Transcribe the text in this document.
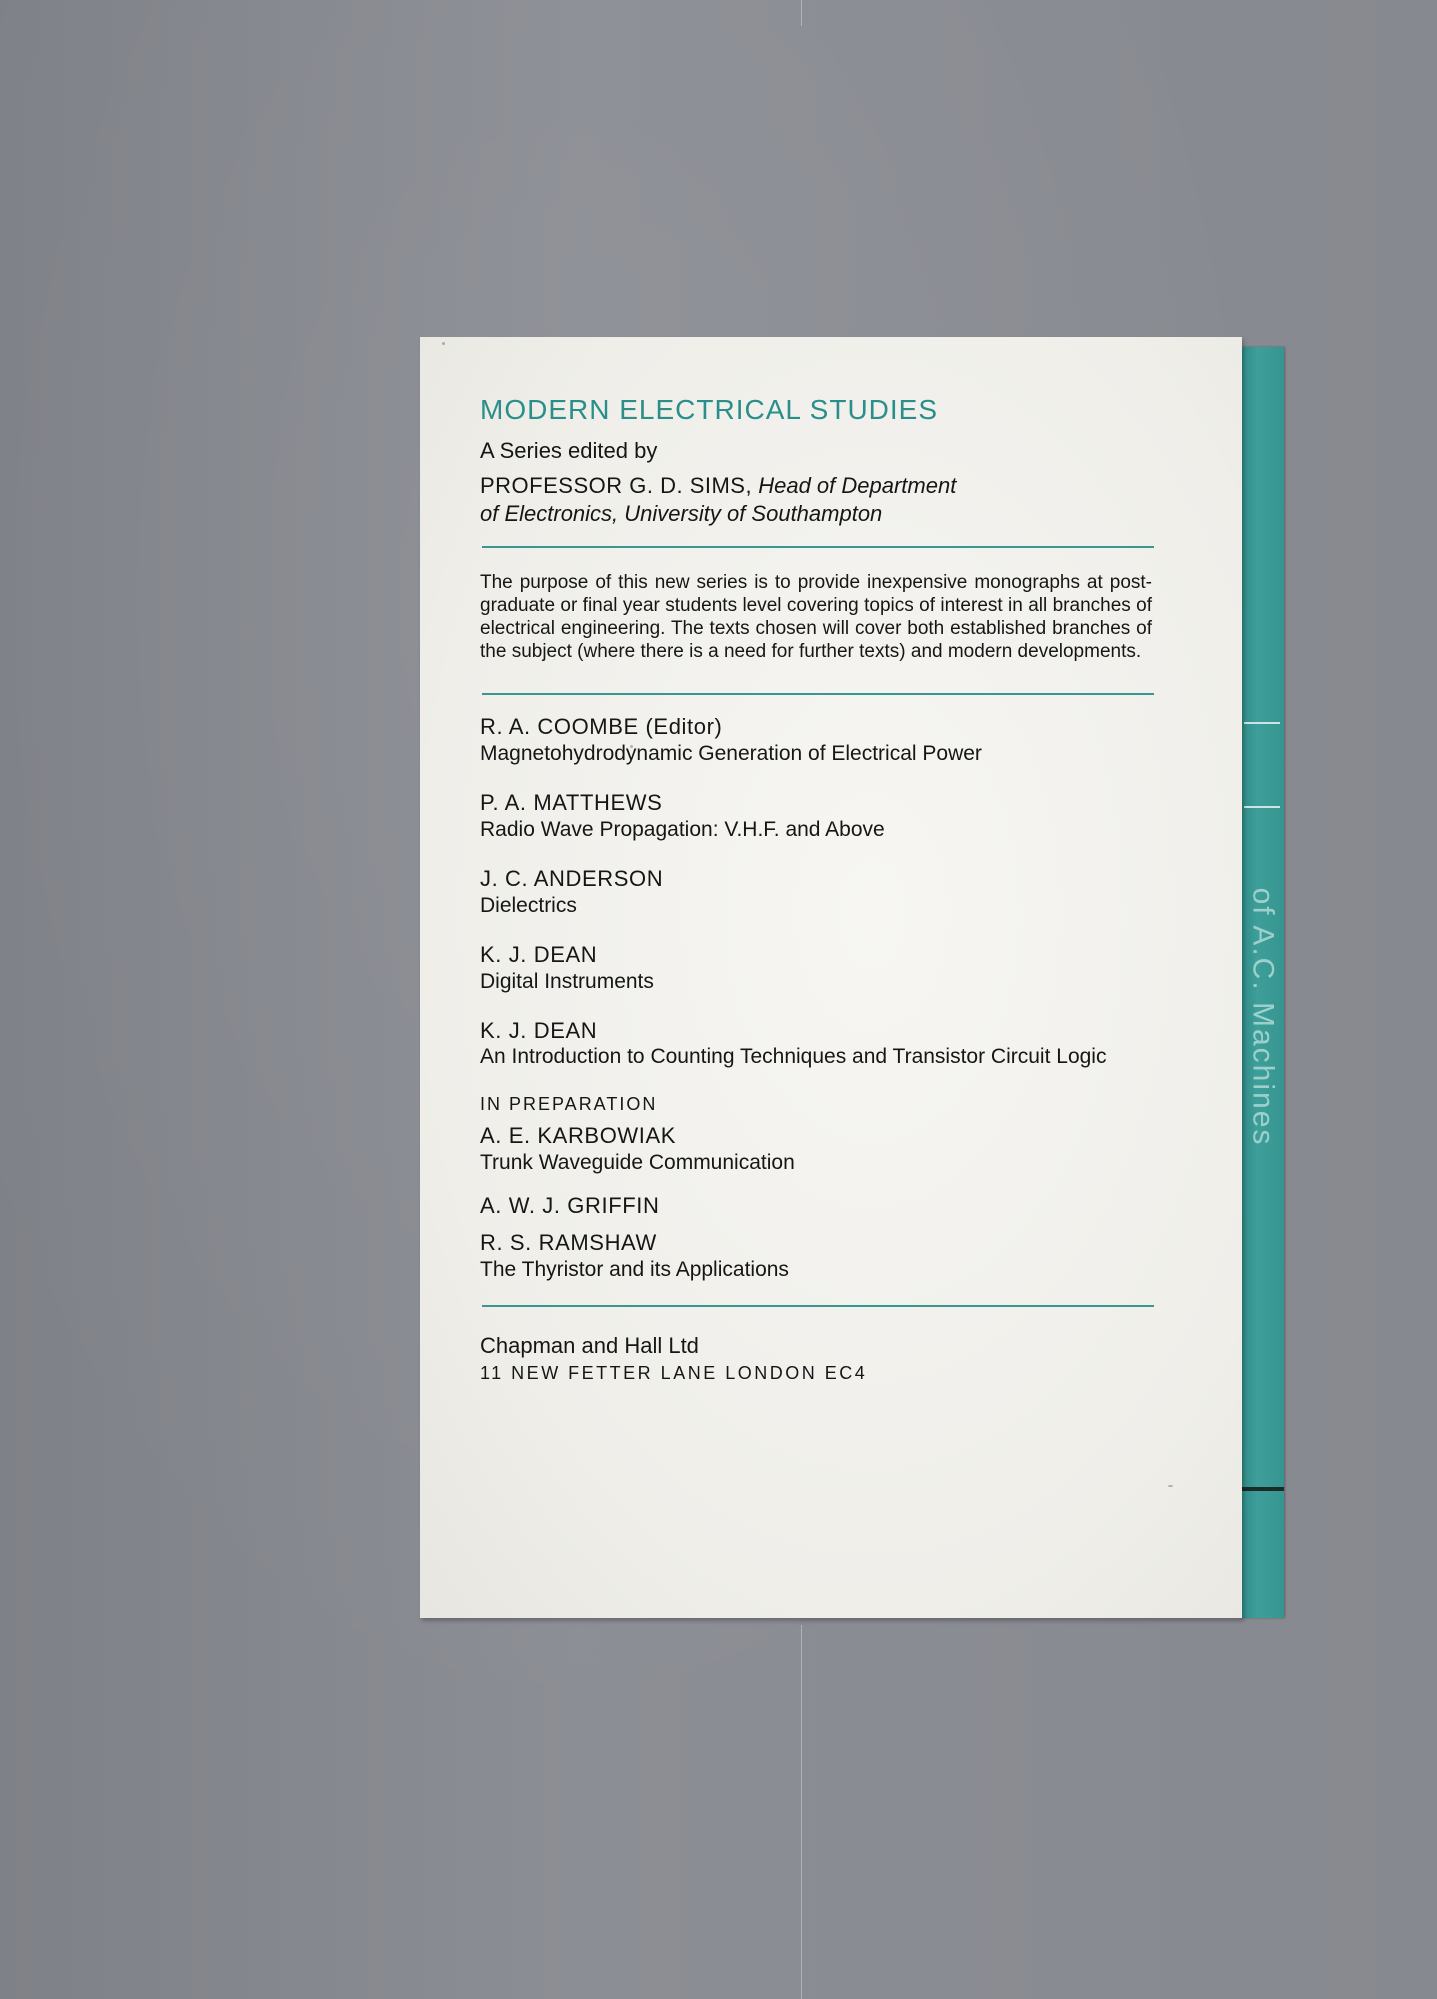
of A.C. Machines
MODERN ELECTRICAL STUDIES
A Series edited by
PROFESSOR G. D. SIMS, Head of Department
of Electronics, University of Southampton
The purpose of this new series is to provide inexpensive monographs at post-graduate or final year students level covering topics of interest in all branches of electrical engineering. The texts chosen will cover both established branches of the subject (where there is a need for further texts) and modern developments.
R. A. COOMBE (Editor)
Magnetohydrodynamic Generation of Electrical Power
P. A. MATTHEWS
Radio Wave Propagation: V.H.F. and Above
J. C. ANDERSON
Dielectrics
K. J. DEAN
Digital Instruments
K. J. DEAN
An Introduction to Counting Techniques and Transistor Circuit Logic
IN PREPARATION
A. E. KARBOWIAK
Trunk Waveguide Communication
A. W. J. GRIFFIN
R. S. RAMSHAW
The Thyristor and its Applications
Chapman and Hall Ltd
11 NEW FETTER LANE LONDON EC4
